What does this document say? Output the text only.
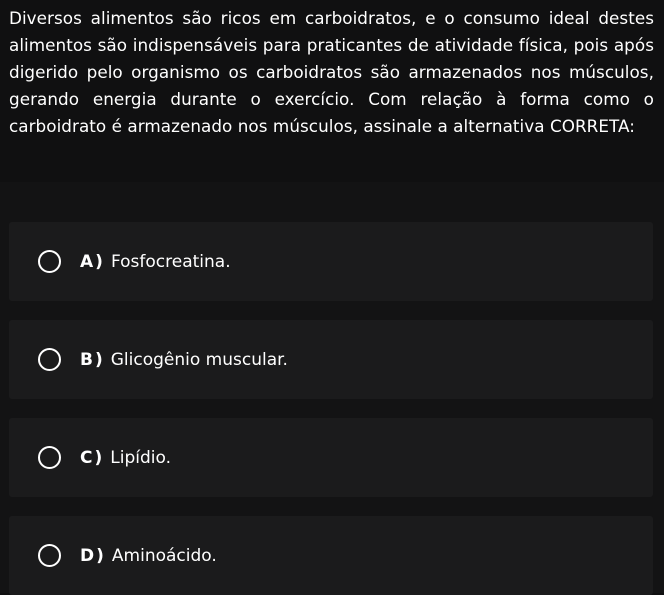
Diversos alimentos são ricos em carboidratos, e o consumo ideal destes alimentos são indispensáveis para praticantes de atividade física, pois após digerido pelo organismo os carboidratos são armazenados nos músculos, gerando energia durante o exercício. Com relação à forma como o carboidrato é armazenado nos músculos, assinale a alternativa CORRETA:

A ) Fosfocreatina.
B ) Glicogênio muscular.
C ) Lipídio.
D ) Aminoácido.
